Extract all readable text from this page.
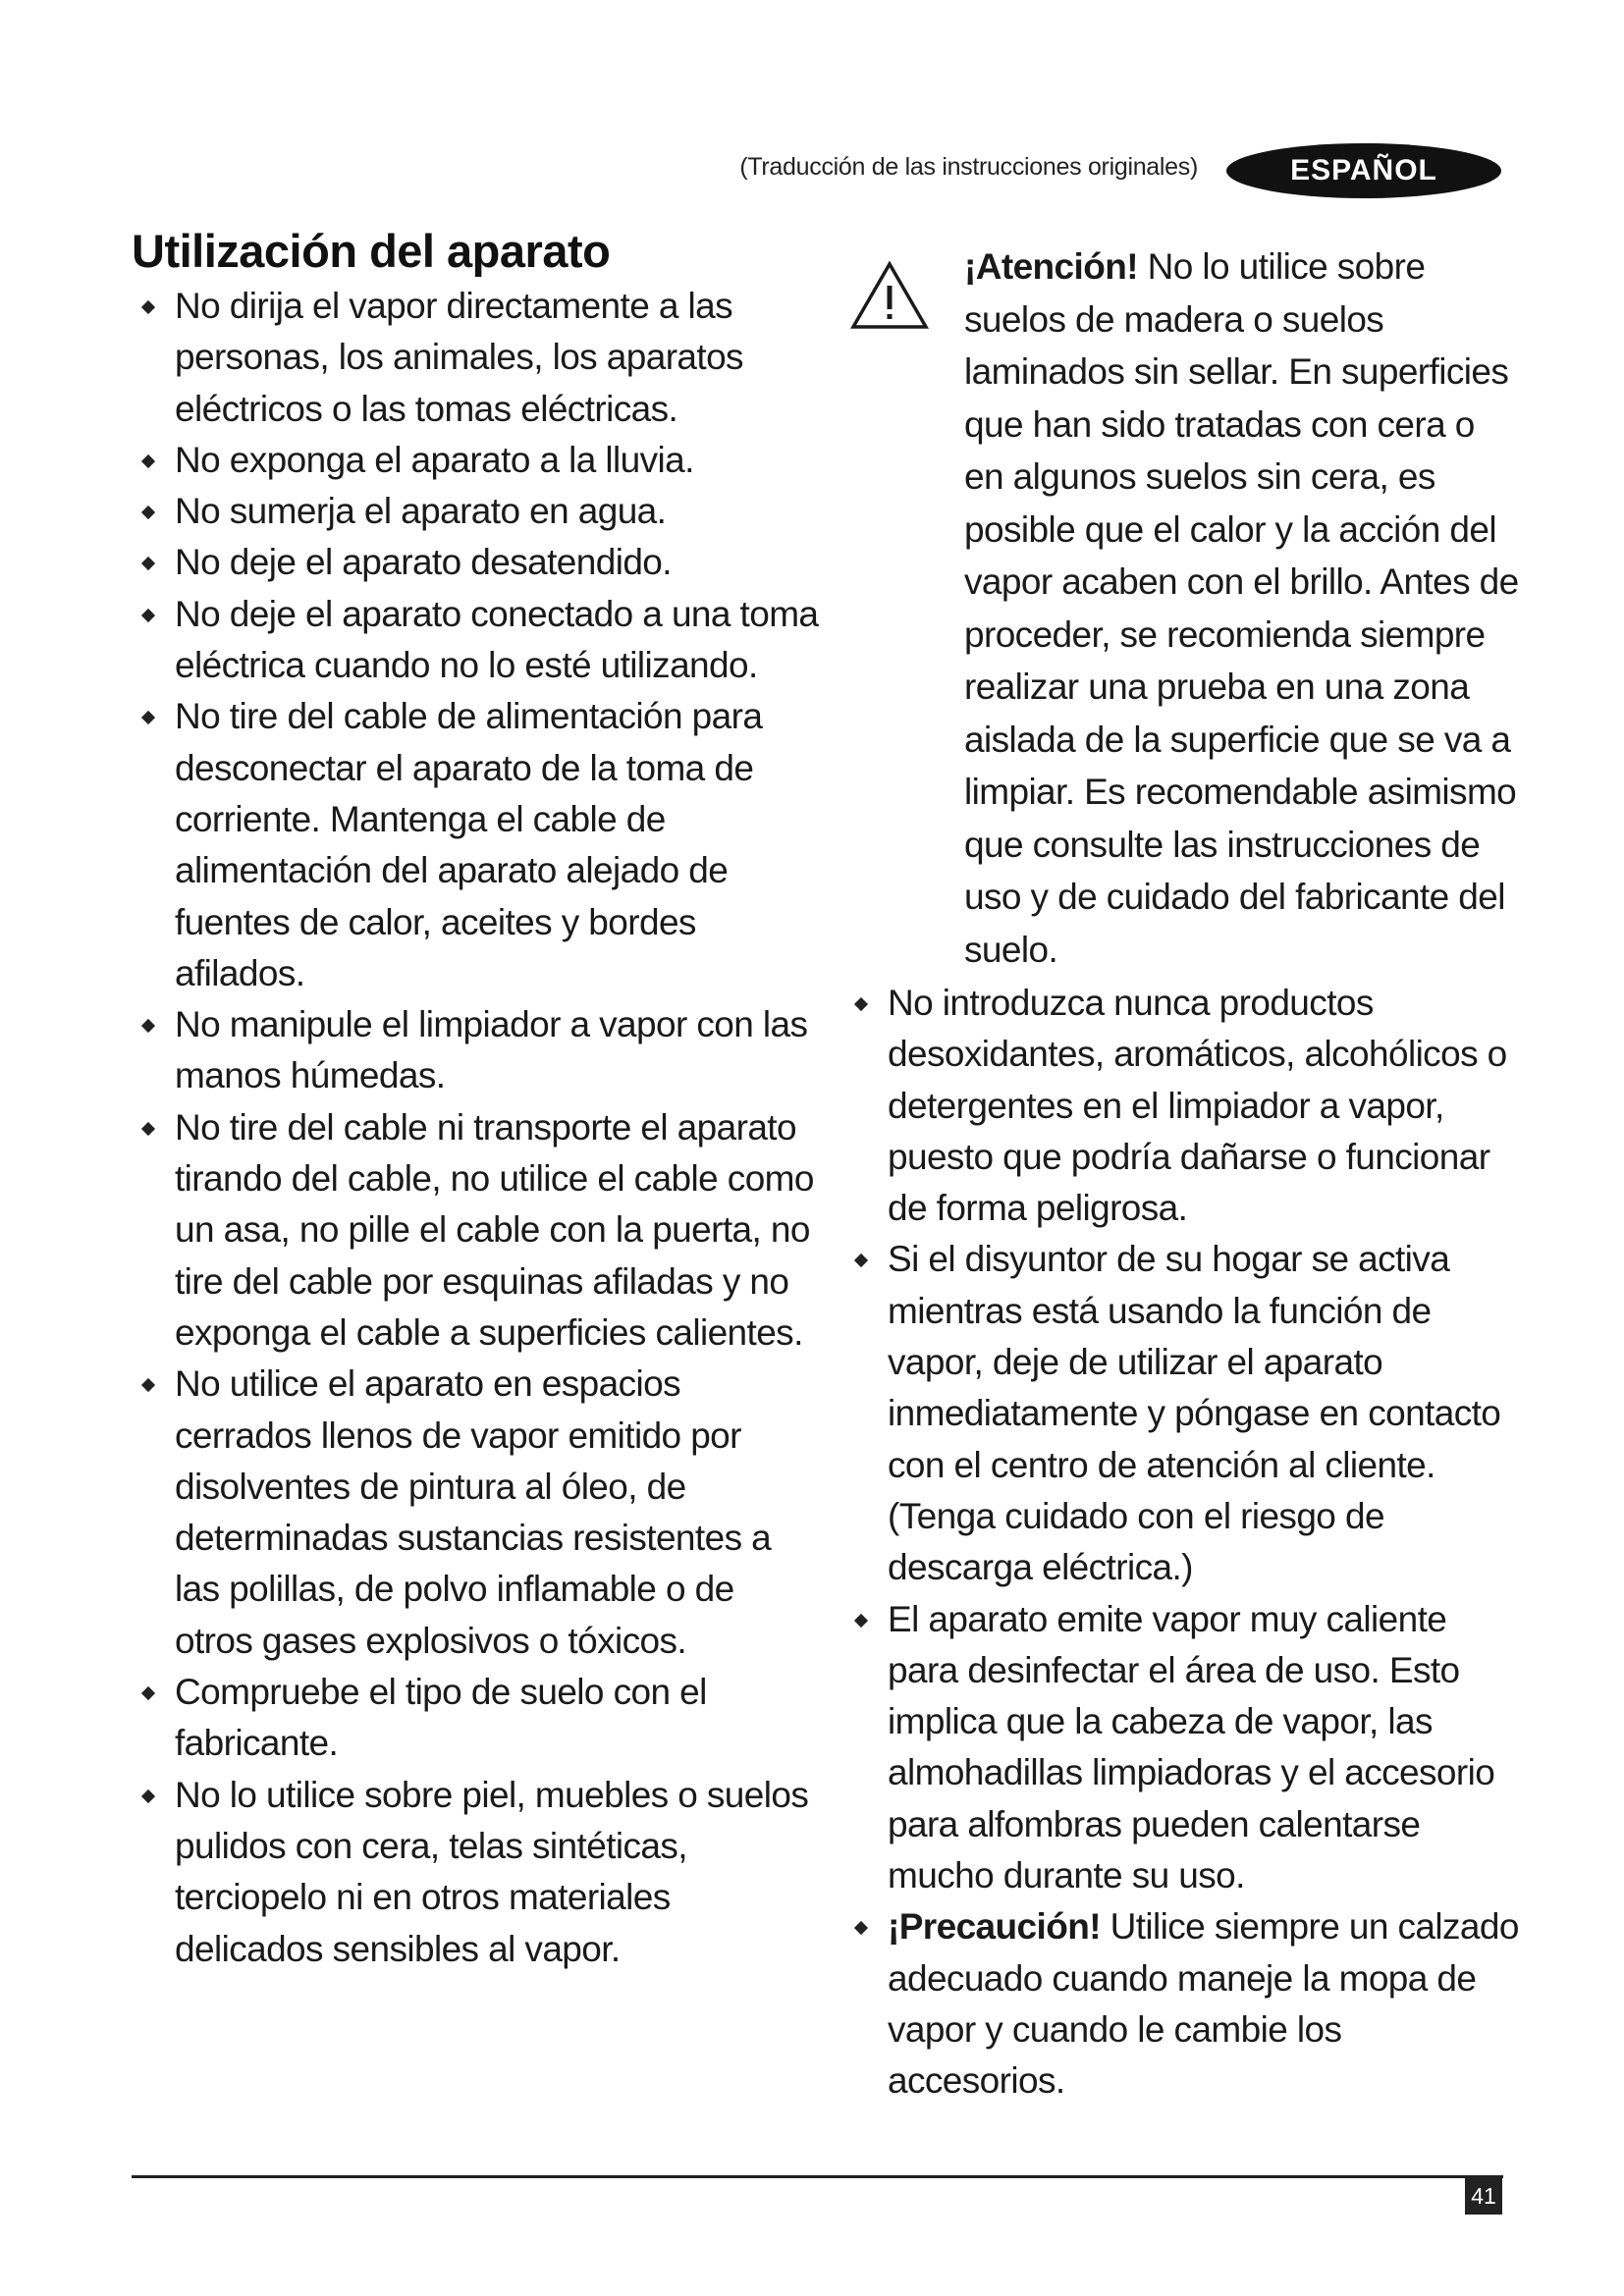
(Traducción de las instrucciones originales)	ESPAÑOL
Utilización del aparato
No dirija el vapor directamente a las personas, los animales, los aparatos eléctricos o las tomas eléctricas.
No exponga el aparato a la lluvia.
No sumerja el aparato en agua.
No deje el aparato desatendido.
No deje el aparato conectado a una toma eléctrica cuando no lo esté utilizando.
No tire del cable de alimentación para desconectar el aparato de la toma de corriente. Mantenga el cable de alimentación del aparato alejado de fuentes de calor, aceites y bordes afilados.
No manipule el limpiador a vapor con las manos húmedas.
No tire del cable ni transporte el aparato tirando del cable, no utilice el cable como un asa, no pille el cable con la puerta, no tire del cable por esquinas afiladas y no exponga el cable a superficies calientes.
No utilice el aparato en espacios cerrados llenos de vapor emitido por disolventes de pintura al óleo, de determinadas sustancias resistentes a las polillas, de polvo inflamable o de otros gases explosivos o tóxicos.
Compruebe el tipo de suelo con el fabricante.
No lo utilice sobre piel, muebles o suelos pulidos con cera, telas sintéticas, terciopelo ni en otros materiales delicados sensibles al vapor.

¡Atención! No lo utilice sobre suelos de madera o suelos laminados sin sellar. En superficies que han sido tratadas con cera o en algunos suelos sin cera, es posible que el calor y la acción del vapor acaben con el brillo. Antes de proceder, se recomienda siempre realizar una prueba en una zona aislada de la superficie que se va a limpiar. Es recomendable asimismo que consulte las instrucciones de uso y de cuidado del fabricante del suelo.

No introduzca nunca productos desoxidantes, aromáticos, alcohólicos o detergentes en el limpiador a vapor, puesto que podría dañarse o funcionar de forma peligrosa.
Si el disyuntor de su hogar se activa mientras está usando la función de vapor, deje de utilizar el aparato inmediatamente y póngase en contacto con el centro de atención al cliente. (Tenga cuidado con el riesgo de descarga eléctrica.)
El aparato emite vapor muy caliente para desinfectar el área de uso. Esto implica que la cabeza de vapor, las almohadillas limpiadoras y el accesorio para alfombras pueden calentarse mucho durante su uso.
¡Precaución! Utilice siempre un calzado adecuado cuando maneje la mopa de vapor y cuando le cambie los accesorios.
41
